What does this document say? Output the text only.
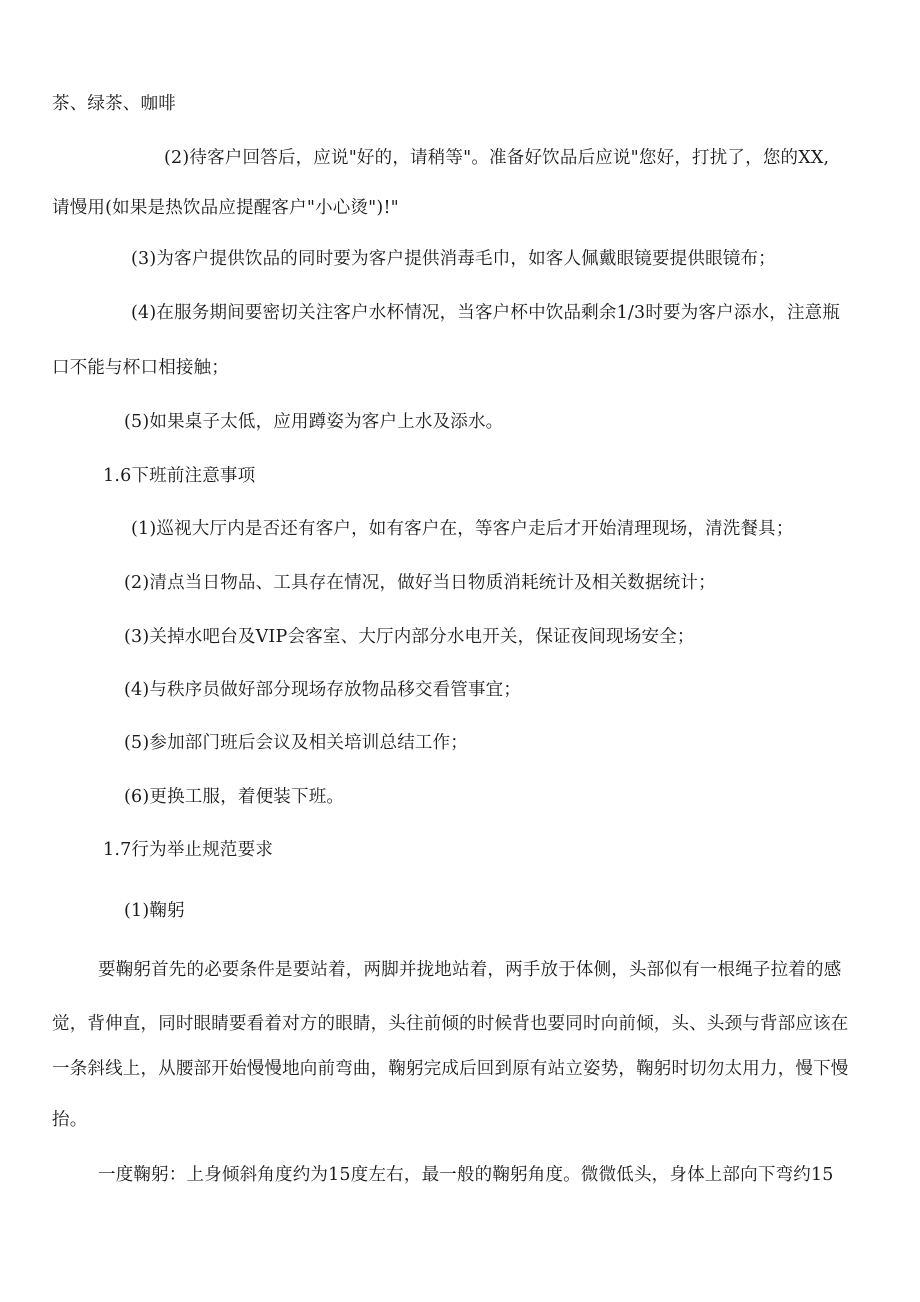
茶、绿茶、咖啡
(2)待客户回答后，应说"好的，请稍等"。准备好饮品后应说"您好，打扰了，您的XX,
请慢用(如果是热饮品应提醒客户"小心烫")!"
(3)为客户提供饮品的同时要为客户提供消毒毛巾，如客人佩戴眼镜要提供眼镜布；
(4)在服务期间要密切关注客户水杯情况，当客户杯中饮品剩余1/3时要为客户添水，注意瓶
口不能与杯口相接触；
(5)如果桌子太低，应用蹲姿为客户上水及添水。
1.6下班前注意事项
(1)巡视大厅内是否还有客户，如有客户在，等客户走后才开始清理现场，清洗餐具；
(2)清点当日物品、工具存在情况，做好当日物质消耗统计及相关数据统计；
(3)关掉水吧台及VIP会客室、大厅内部分水电开关，保证夜间现场安全；
(4)与秩序员做好部分现场存放物品移交看管事宜；
(5)参加部门班后会议及相关培训总结工作；
(6)更换工服，着便装下班。
1.7行为举止规范要求
(1)鞠躬
要鞠躬首先的必要条件是要站着，两脚并拢地站着，两手放于体侧，头部似有一根绳子拉着的感
觉，背伸直，同时眼睛要看着对方的眼睛，头往前倾的时候背也要同时向前倾，头、头颈与背部应该在
一条斜线上，从腰部开始慢慢地向前弯曲，鞠躬完成后回到原有站立姿势，鞠躬时切勿太用力，慢下慢
抬。
一度鞠躬：上身倾斜角度约为15度左右，最一般的鞠躬角度。微微低头，身体上部向下弯约15
